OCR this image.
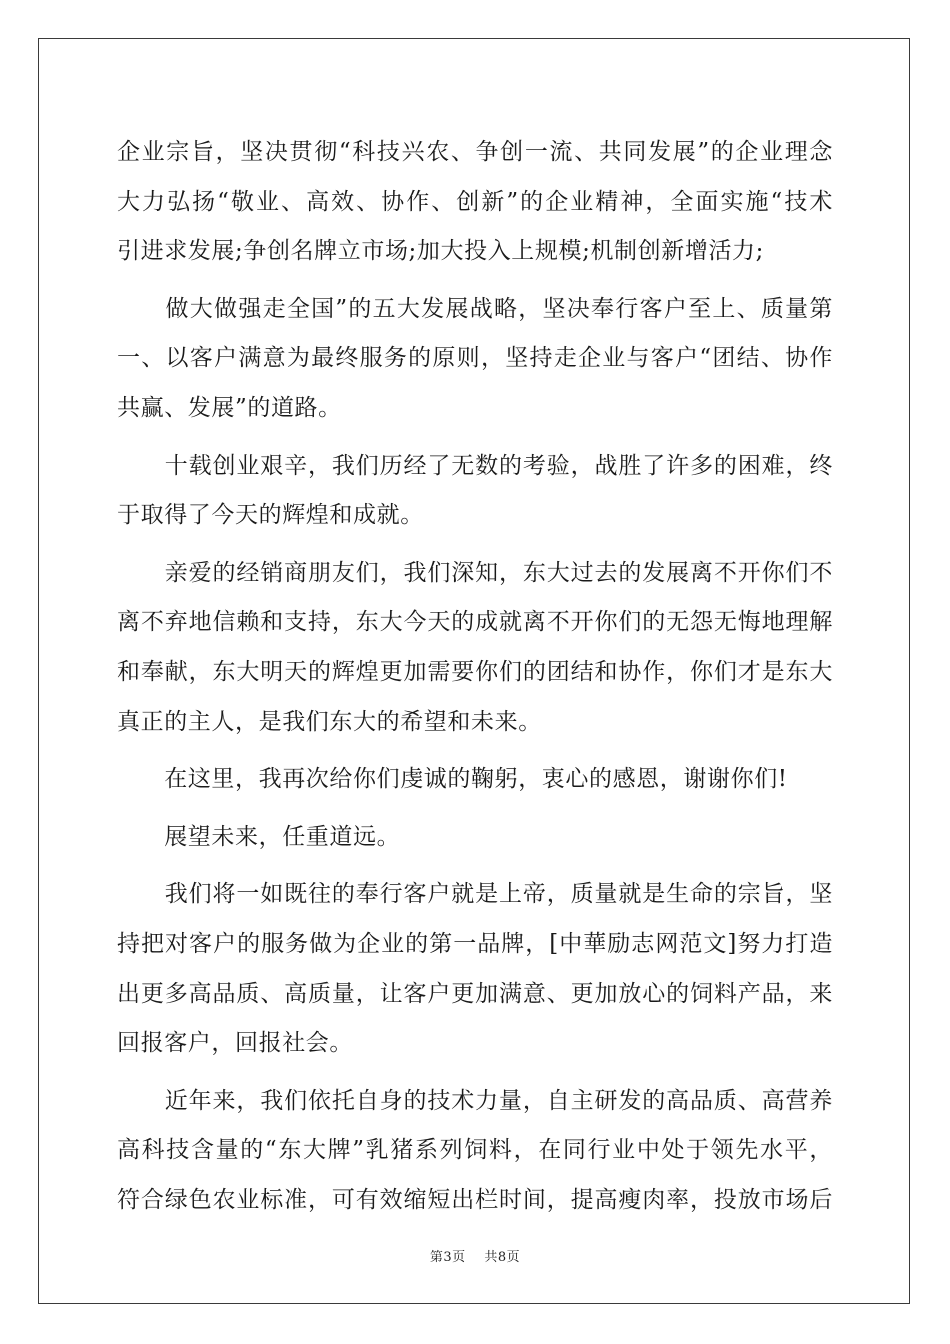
企业宗旨，坚决贯彻“科技兴农、争创一流、共同发展”的企业理念
大力弘扬“敬业、高效、协作、创新”的企业精神，全面实施“技术
引进求发展;争创名牌立市场;加大投入上规模;机制创新增活力;
　　做大做强走全国”的五大发展战略，坚决奉行客户至上、质量第
一、以客户满意为最终服务的原则，坚持走企业与客户“团结、协作
共赢、发展”的道路。
　　十载创业艰辛，我们历经了无数的考验，战胜了许多的困难，终
于取得了今天的辉煌和成就。
　　亲爱的经销商朋友们，我们深知，东大过去的发展离不开你们不
离不弃地信赖和支持，东大今天的成就离不开你们的无怨无悔地理解
和奉献，东大明天的辉煌更加需要你们的团结和协作，你们才是东大
真正的主人，是我们东大的希望和未来。
　　在这里，我再次给你们虔诚的鞠躬，衷心的感恩，谢谢你们!
　　展望未来，任重道远。
　　我们将一如既往的奉行客户就是上帝，质量就是生命的宗旨，坚
持把对客户的服务做为企业的第一品牌，[中華励志网范文]努力打造
出更多高品质、高质量，让客户更加满意、更加放心的饲料产品，来
回报客户，回报社会。
　　近年来，我们依托自身的技术力量，自主研发的高品质、高营养
高科技含量的“东大牌”乳猪系列饲料，在同行业中处于领先水平，
符合绿色农业标准，可有效缩短出栏时间，提高瘦肉率，投放市场后
第3页 共8页
